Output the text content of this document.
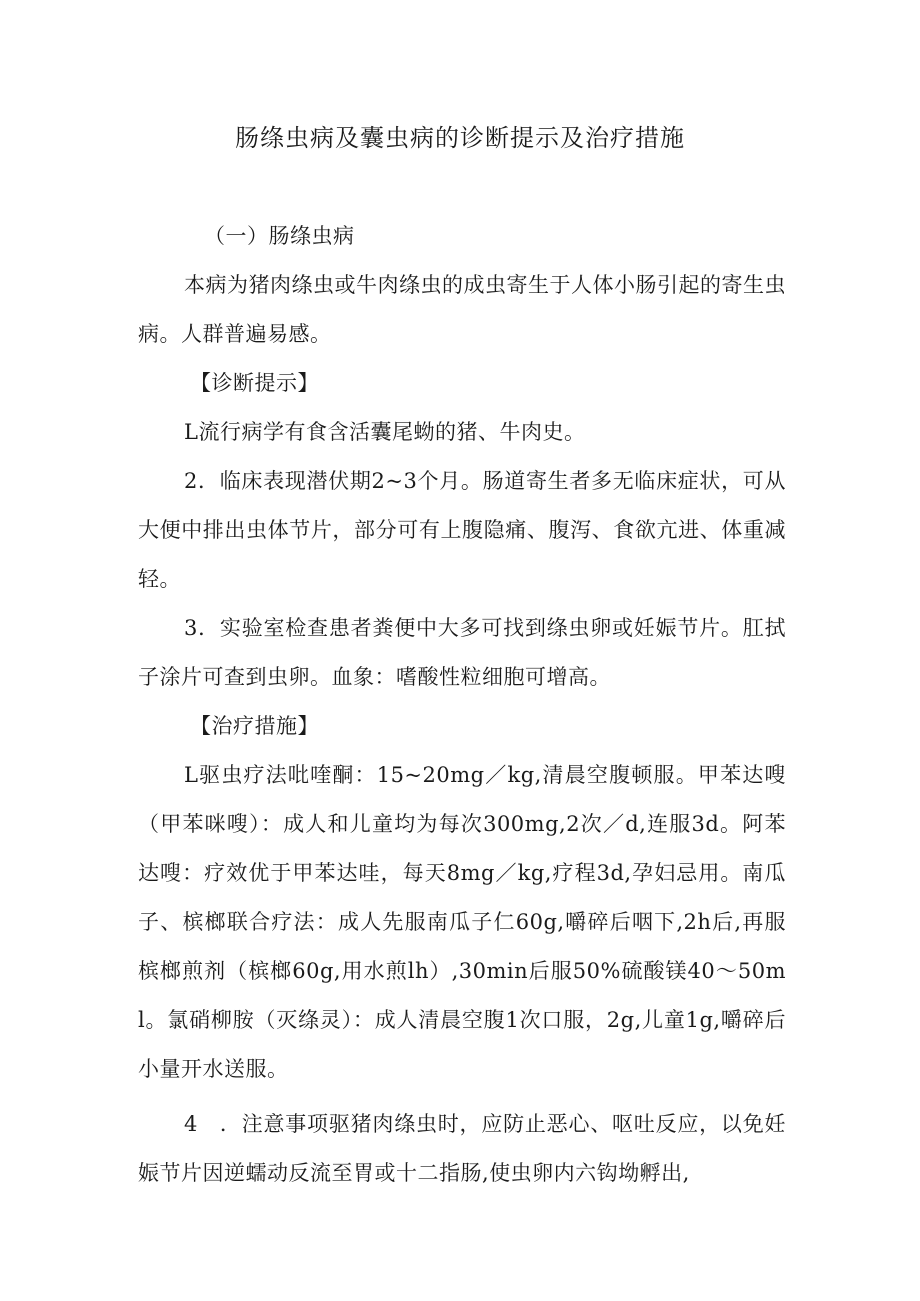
肠绦虫病及囊虫病的诊断提示及治疗措施

（一）肠绦虫病

本病为猪肉绦虫或牛肉绦虫的成虫寄生于人体小肠引起的寄生虫病。人群普遍易感。

【诊断提示】

L流行病学有食含活囊尾蚴的猪、牛肉史。

2．临床表现潜伏期2~3个月。肠道寄生者多无临床症状，可从大便中排出虫体节片，部分可有上腹隐痛、腹泻、食欲亢进、体重减轻。

3．实验室检查患者粪便中大多可找到绦虫卵或妊娠节片。肛拭子涂片可查到虫卵。血象：嗜酸性粒细胞可增高。

【治疗措施】

L驱虫疗法吡喹酮：15~20mg／kg,清晨空腹顿服。甲苯达嗖（甲苯咪嗖）：成人和儿童均为每次300mg,2次／d,连服3d。阿苯达嗖：疗效优于甲苯达哇，每天8mg／kg,疗程3d,孕妇忌用。南瓜子、槟榔联合疗法：成人先服南瓜子仁60g,嚼碎后咽下,2h后,再服槟榔煎剂（槟榔60g,用水煎lh）,30min后服50%硫酸镁40～50ml。氯硝柳胺（灭绦灵）：成人清晨空腹1次口服，2g,儿童1g,嚼碎后小量开水送服。

4　．注意事项驱猪肉绦虫时，应防止恶心、呕吐反应，以免妊娠节片因逆蠕动反流至胃或十二指肠,使虫卵内六钩坳孵出,
